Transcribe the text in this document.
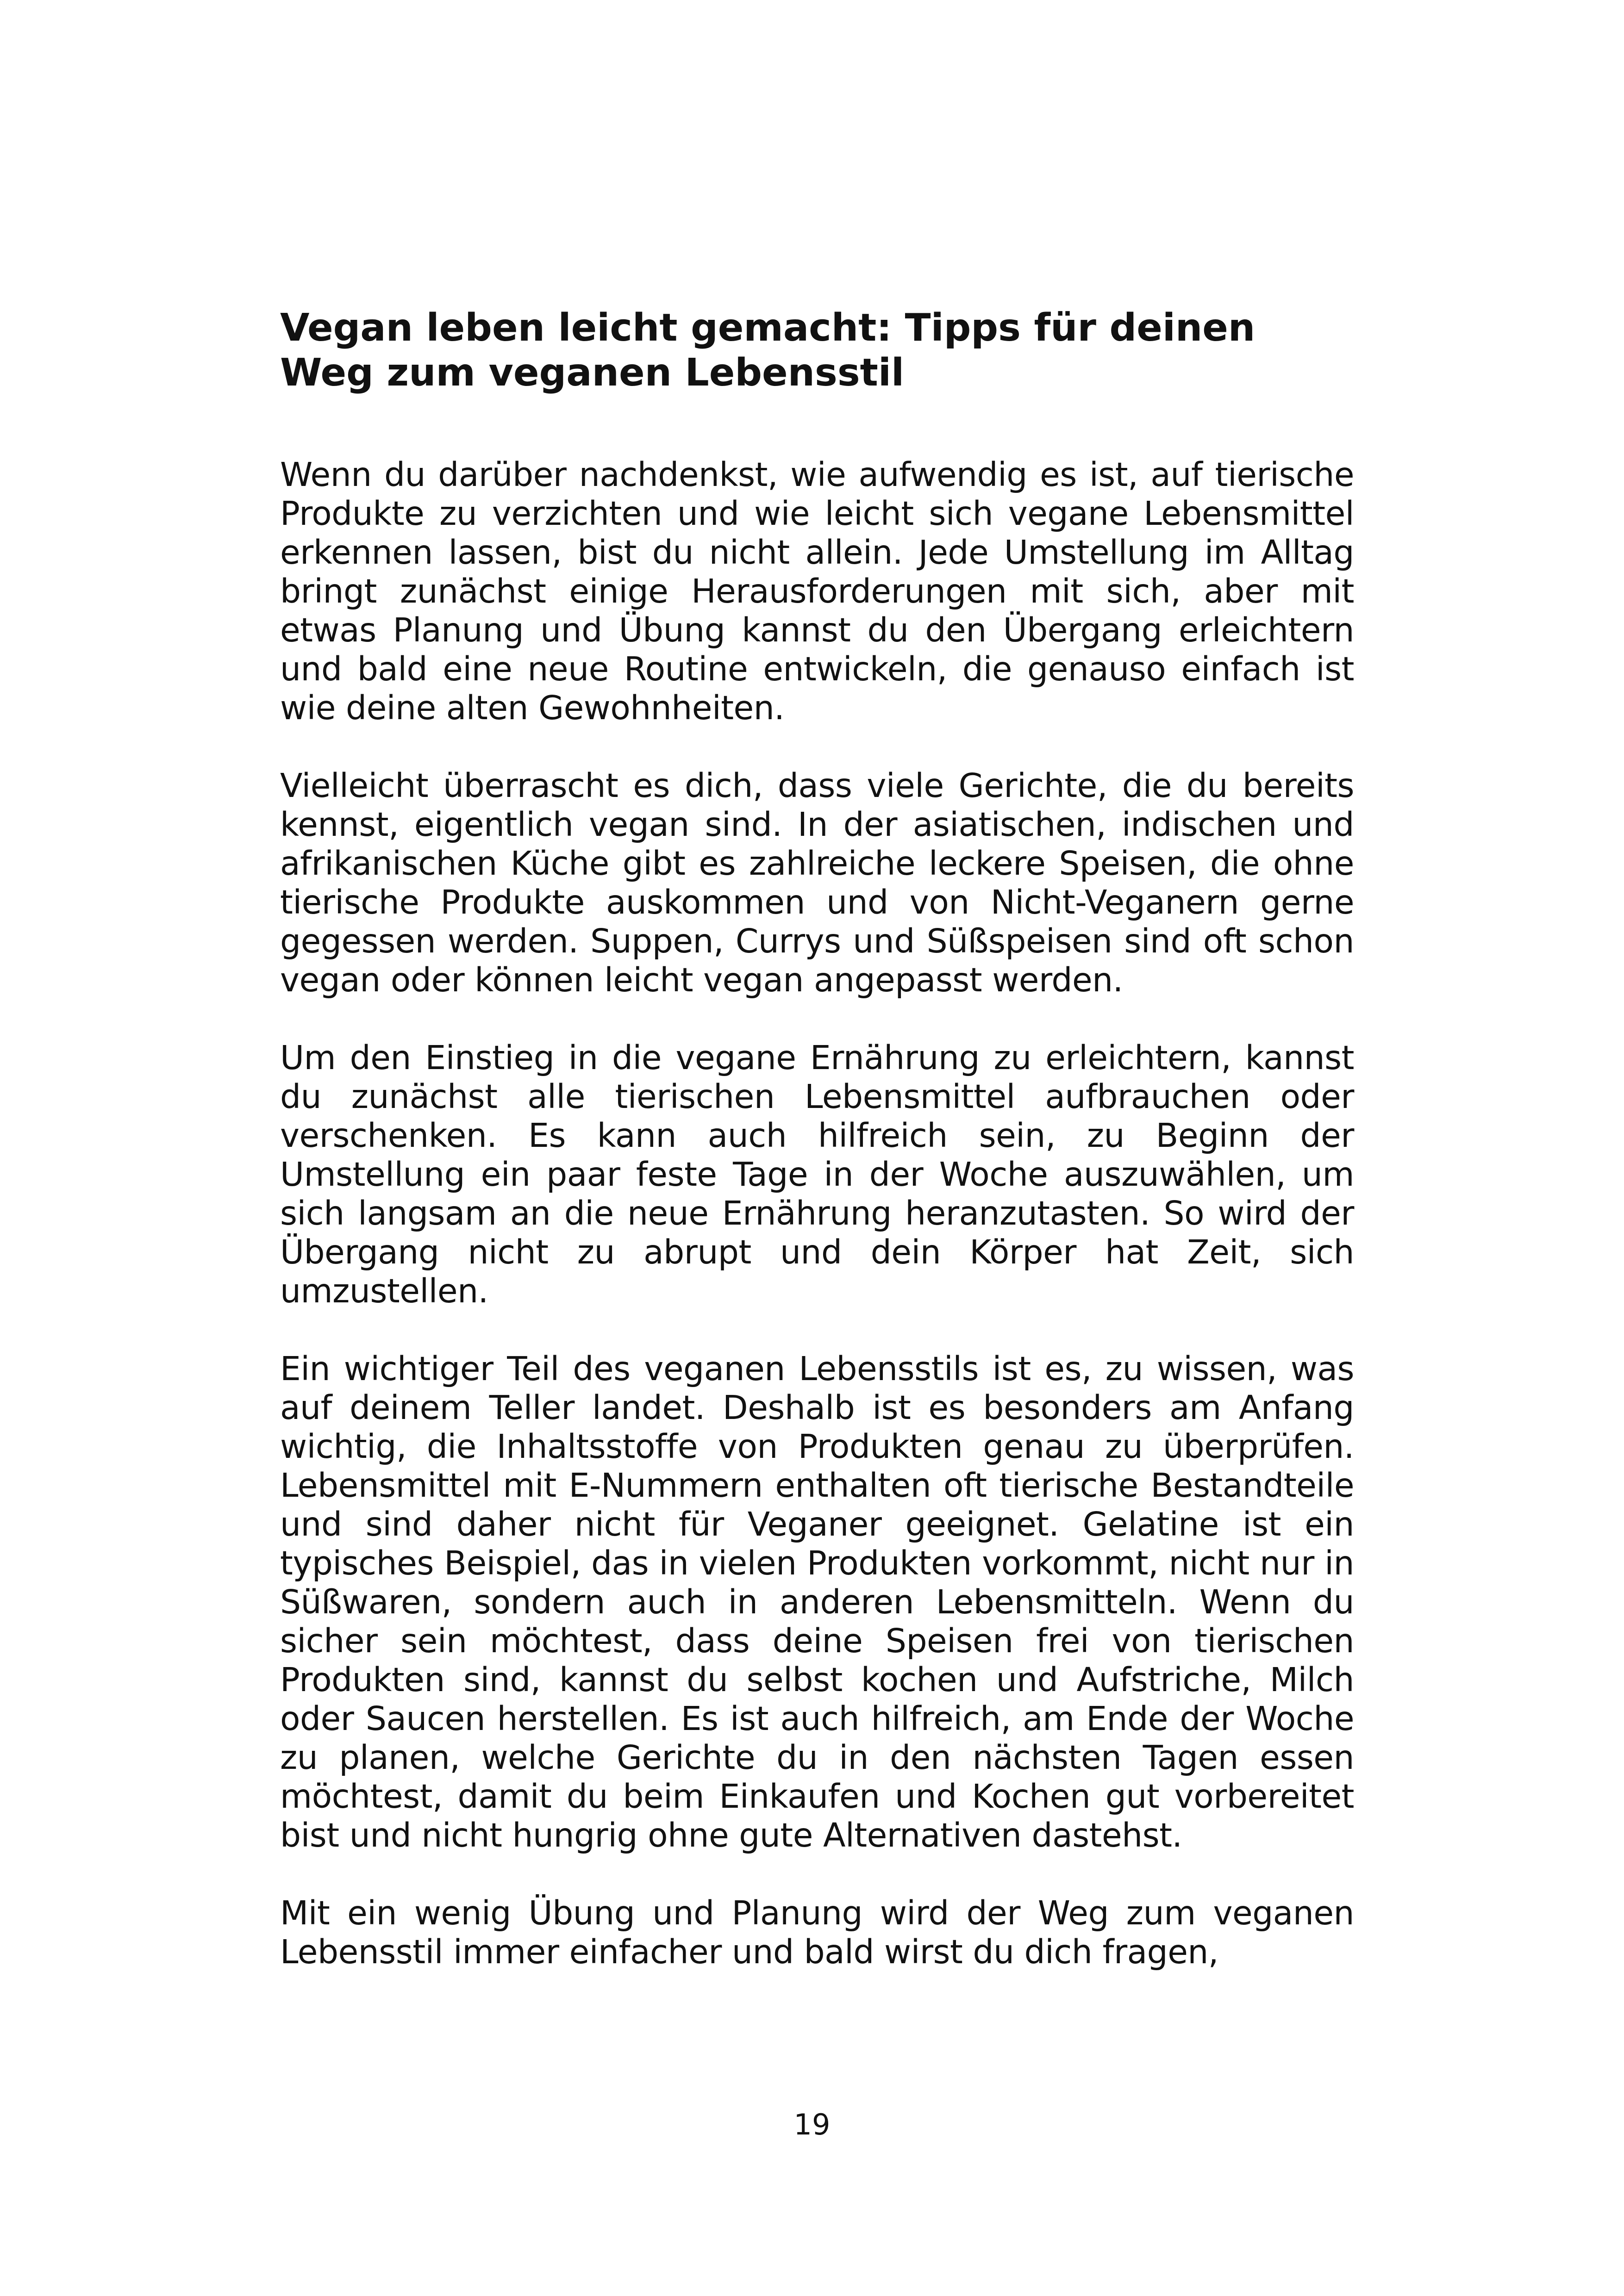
Vegan leben leicht gemacht: Tipps für deinen Weg zum veganen Lebensstil

Wenn du darüber nachdenkst, wie aufwendig es ist, auf tierische Produkte zu verzichten und wie leicht sich vegane Lebensmittel erkennen lassen, bist du nicht allein. Jede Umstellung im Alltag bringt zunächst einige Herausforderungen mit sich, aber mit etwas Planung und Übung kannst du den Übergang erleichtern und bald eine neue Routine entwickeln, die genauso einfach ist wie deine alten Gewohnheiten.

Vielleicht überrascht es dich, dass viele Gerichte, die du bereits kennst, eigentlich vegan sind. In der asiatischen, indischen und afrikanischen Küche gibt es zahlreiche leckere Speisen, die ohne tierische Produkte auskommen und von Nicht-Veganern gerne gegessen werden. Suppen, Currys und Süßspeisen sind oft schon vegan oder können leicht vegan angepasst werden.

Um den Einstieg in die vegane Ernährung zu erleichtern, kannst du zunächst alle tierischen Lebensmittel aufbrauchen oder verschenken. Es kann auch hilfreich sein, zu Beginn der Umstellung ein paar feste Tage in der Woche auszuwählen, um sich langsam an die neue Ernährung heranzutasten. So wird der Übergang nicht zu abrupt und dein Körper hat Zeit, sich umzustellen.

Ein wichtiger Teil des veganen Lebensstils ist es, zu wissen, was auf deinem Teller landet. Deshalb ist es besonders am Anfang wichtig, die Inhaltsstoffe von Produkten genau zu überprüfen. Lebensmittel mit E-Nummern enthalten oft tierische Bestandteile und sind daher nicht für Veganer geeignet. Gelatine ist ein typisches Beispiel, das in vielen Produkten vorkommt, nicht nur in Süßwaren, sondern auch in anderen Lebensmitteln. Wenn du sicher sein möchtest, dass deine Speisen frei von tierischen Produkten sind, kannst du selbst kochen und Aufstriche, Milch oder Saucen herstellen. Es ist auch hilfreich, am Ende der Woche zu planen, welche Gerichte du in den nächsten Tagen essen möchtest, damit du beim Einkaufen und Kochen gut vorbereitet bist und nicht hungrig ohne gute Alternativen dastehst.

Mit ein wenig Übung und Planung wird der Weg zum veganen Lebensstil immer einfacher und bald wirst du dich fragen,

19
